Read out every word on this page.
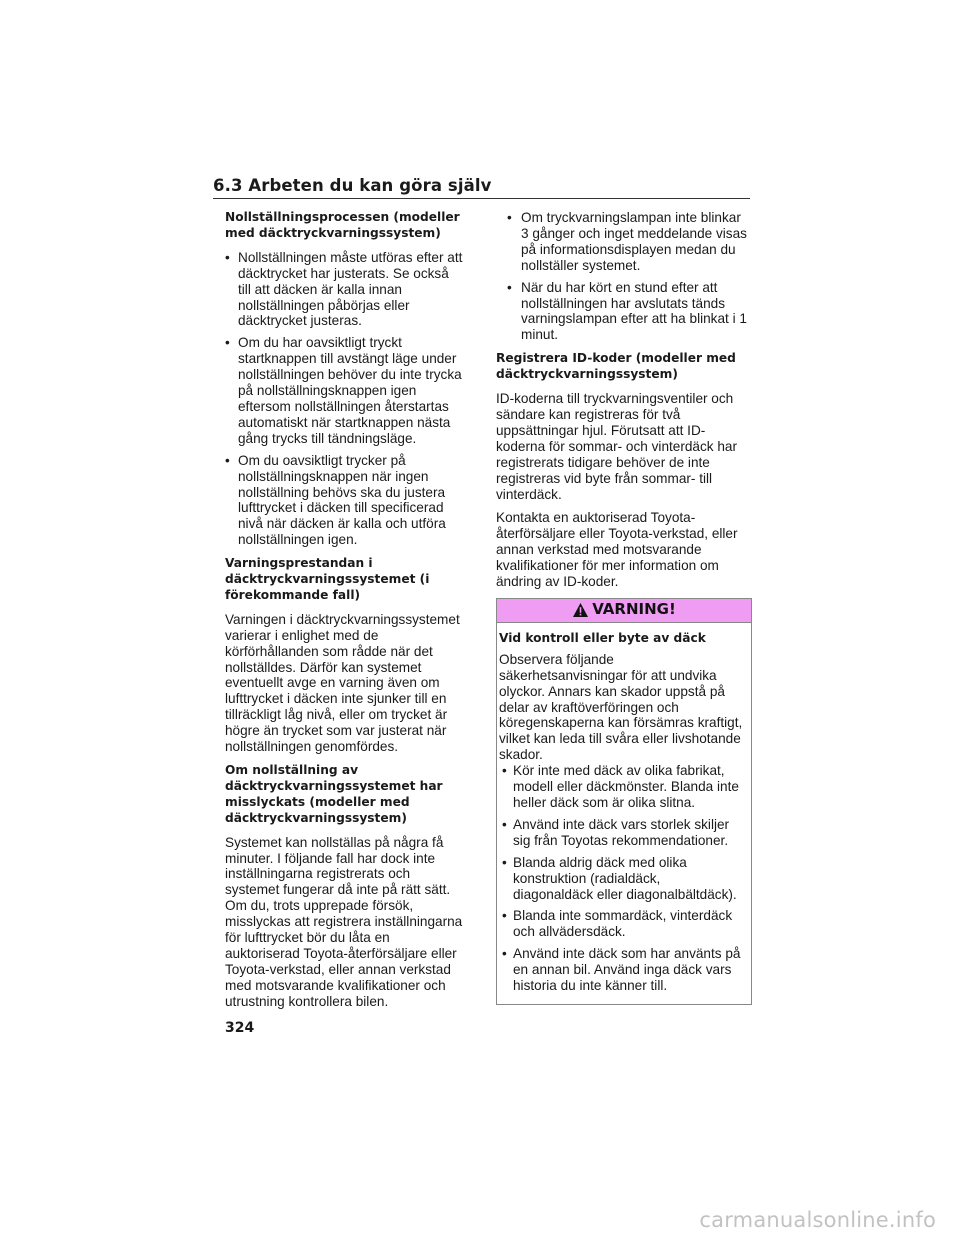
6.3 Arbeten du kan göra själv
Nollställningsprocessen (modeller med däcktryckvarningssystem)
• Nollställningen måste utföras efter att däcktrycket har justerats. Se också till att däcken är kalla innan nollställningen påbörjas eller däcktrycket justeras.
• Om du har oavsiktligt tryckt startknappen till avstängt läge under nollställningen behöver du inte trycka på nollställningsknappen igen eftersom nollställningen återstartas automatiskt när startknappen nästa gång trycks till tändningsläge.
• Om du oavsiktligt trycker på nollställningsknappen när ingen nollställning behövs ska du justera lufttrycket i däcken till specificerad nivå när däcken är kalla och utföra nollställningen igen.
Varningsprestandan i däcktryckvarningssystemet (i förekommande fall)

Varningen i däcktryckvarningssystemet varierar i enlighet med de körförhållanden som rådde när det nollställdes. Därför kan systemet eventuellt avge en varning även om lufttrycket i däcken inte sjunker till en tillräckligt låg nivå, eller om trycket är högre än trycket som var justerat när nollställningen genomfördes.

Om nollställning av däcktryckvarningssystemet har misslyckats (modeller med däcktryckvarningssystem)

Systemet kan nollställas på några få minuter. I följande fall har dock inte inställningarna registrerats och systemet fungerar då inte på rätt sätt. Om du, trots upprepade försök, misslyckas att registrera inställningarna för lufttrycket bör du låta en auktoriserad Toyota-återförsäljare eller Toyota-verkstad, eller annan verkstad med motsvarande kvalifikationer och utrustning kontrollera bilen.

• Om tryckvarningslampan inte blinkar 3 gånger och inget meddelande visas på informationsdisplayen medan du nollställer systemet.
• När du har kört en stund efter att nollställningen har avslutats tänds varningslampan efter att ha blinkat i 1 minut.
Registrera ID-koder (modeller med däcktryckvarningssystem)

ID-koderna till tryckvarningsventiler och sändare kan registreras för två uppsättningar hjul. Förutsatt att ID-koderna för sommar- och vinterdäck har registrerats tidigare behöver de inte registreras vid byte från sommar- till vinterdäck.

Kontakta en auktoriserad Toyota-återförsäljare eller Toyota-verkstad, eller annan verkstad med motsvarande kvalifikationer för mer information om ändring av ID-koder.

VARNING!
Vid kontroll eller byte av däck

Observera följande säkerhetsanvisningar för att undvika olyckor. Annars kan skador uppstå på delar av kraftöverföringen och köregenskaperna kan försämras kraftigt, vilket kan leda till svåra eller livshotande skador.

• Kör inte med däck av olika fabrikat, modell eller däckmönster. Blanda inte heller däck som är olika slitna.
• Använd inte däck vars storlek skiljer sig från Toyotas rekommendationer.
• Blanda aldrig däck med olika konstruktion (radialdäck, diagonaldäck eller diagonalbältdäck).
• Blanda inte sommardäck, vinterdäck och allvädersdäck.
• Använd inte däck som har använts på en annan bil. Använd inga däck vars historia du inte känner till.
324
carmanualsonline.info
